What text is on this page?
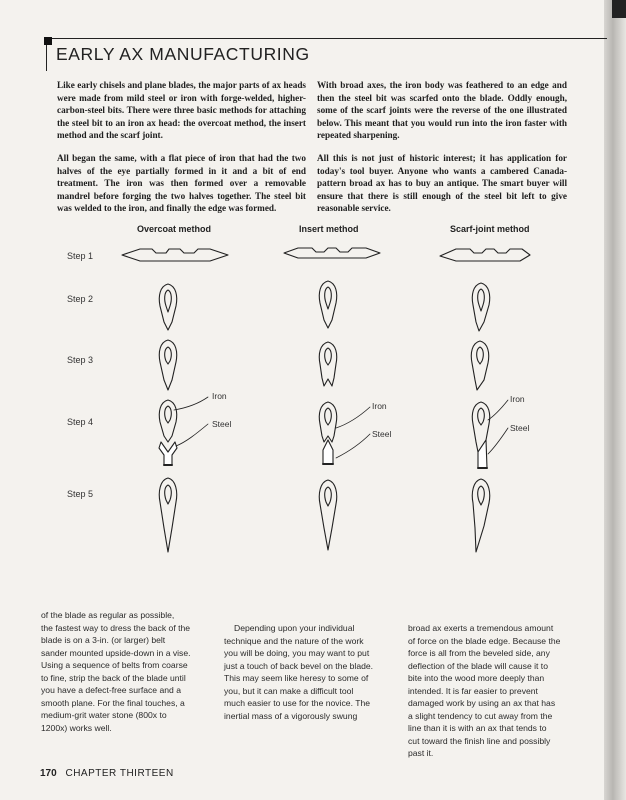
EARLY AX MANUFACTURING

Like early chisels and plane blades, the major parts of ax heads were made from mild steel or iron with forge-welded, higher-carbon-steel bits. There were three basic methods for attaching the steel bit to an iron ax head: the overcoat method, the insert method and the scarf joint.

All began the same, with a flat piece of iron that had the two halves of the eye partially formed in it and a bit of end treatment. The iron was then formed over a removable mandrel before forging the two halves together. The steel bit was welded to the iron, and finally the edge was formed.

With broad axes, the iron body was feathered to an edge and then the steel bit was scarfed onto the blade. Oddly enough, some of the scarf joints were the reverse of the one illustrated below. This meant that you would run into the iron faster with repeated sharpening.

All this is not just of historic interest; it has application for today's tool buyer. Anyone who wants a cambered Canada-pattern broad ax has to buy an antique. The smart buyer will ensure that there is still enough of the steel bit left to give reasonable service.

Overcoat method	Insert method	Scarf-joint method
Step 1
Step 2
Step 3
Step 4
Step 5
Iron
Steel
Iron
Steel
Iron
Steel
of the blade as regular as possible,
the fastest way to dress the back of the
blade is on a 3-in. (or larger) belt
sander mounted upside-down in a vise.
Using a sequence of belts from coarse
to fine, strip the back of the blade until
you have a defect-free surface and a
smooth plane. For the final touches, a
medium-grit water stone (800x to
1200x) works well.
Depending upon your individual
technique and the nature of the work
you will be doing, you may want to put
just a touch of back bevel on the blade.
This may seem like heresy to some of
you, but it can make a difficult tool
much easier to use for the novice. The
inertial mass of a vigorously swung
broad ax exerts a tremendous amount
of force on the blade edge. Because the
force is all from the beveled side, any
deflection of the blade will cause it to
bite into the wood more deeply than
intended. It is far easier to prevent
damaged work by using an ax that has
a slight tendency to cut away from the
line than it is with an ax that tends to
cut toward the finish line and possibly
past it.
170 CHAPTER THIRTEEN
